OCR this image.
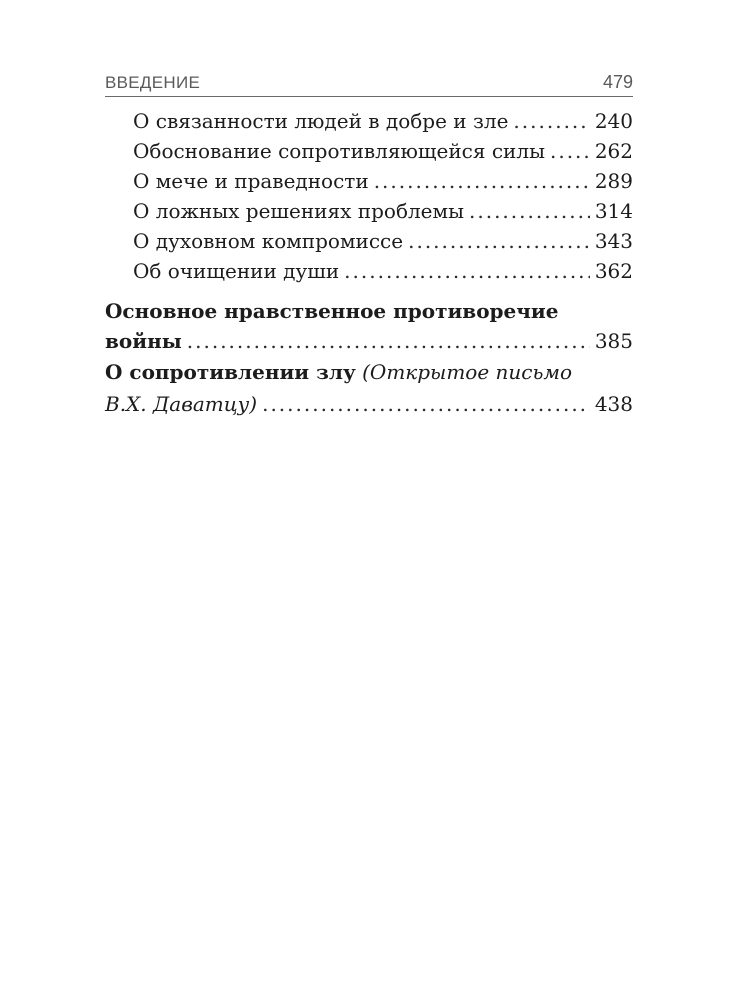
ВВЕДЕНИЕ	479
О связанности людей в добре и зле .....	240
Обоснование сопротивляющейся силы ..... 262
О мече и праведности .....	289
О ложных решениях проблемы .....	314
О духовном компромиссе .....	343
Об очищении души .....	362
Основное нравственное противоречие
войны .....	385
О сопротивлении злу (Открытое письмо
В.Х. Даватцу) .....	438
